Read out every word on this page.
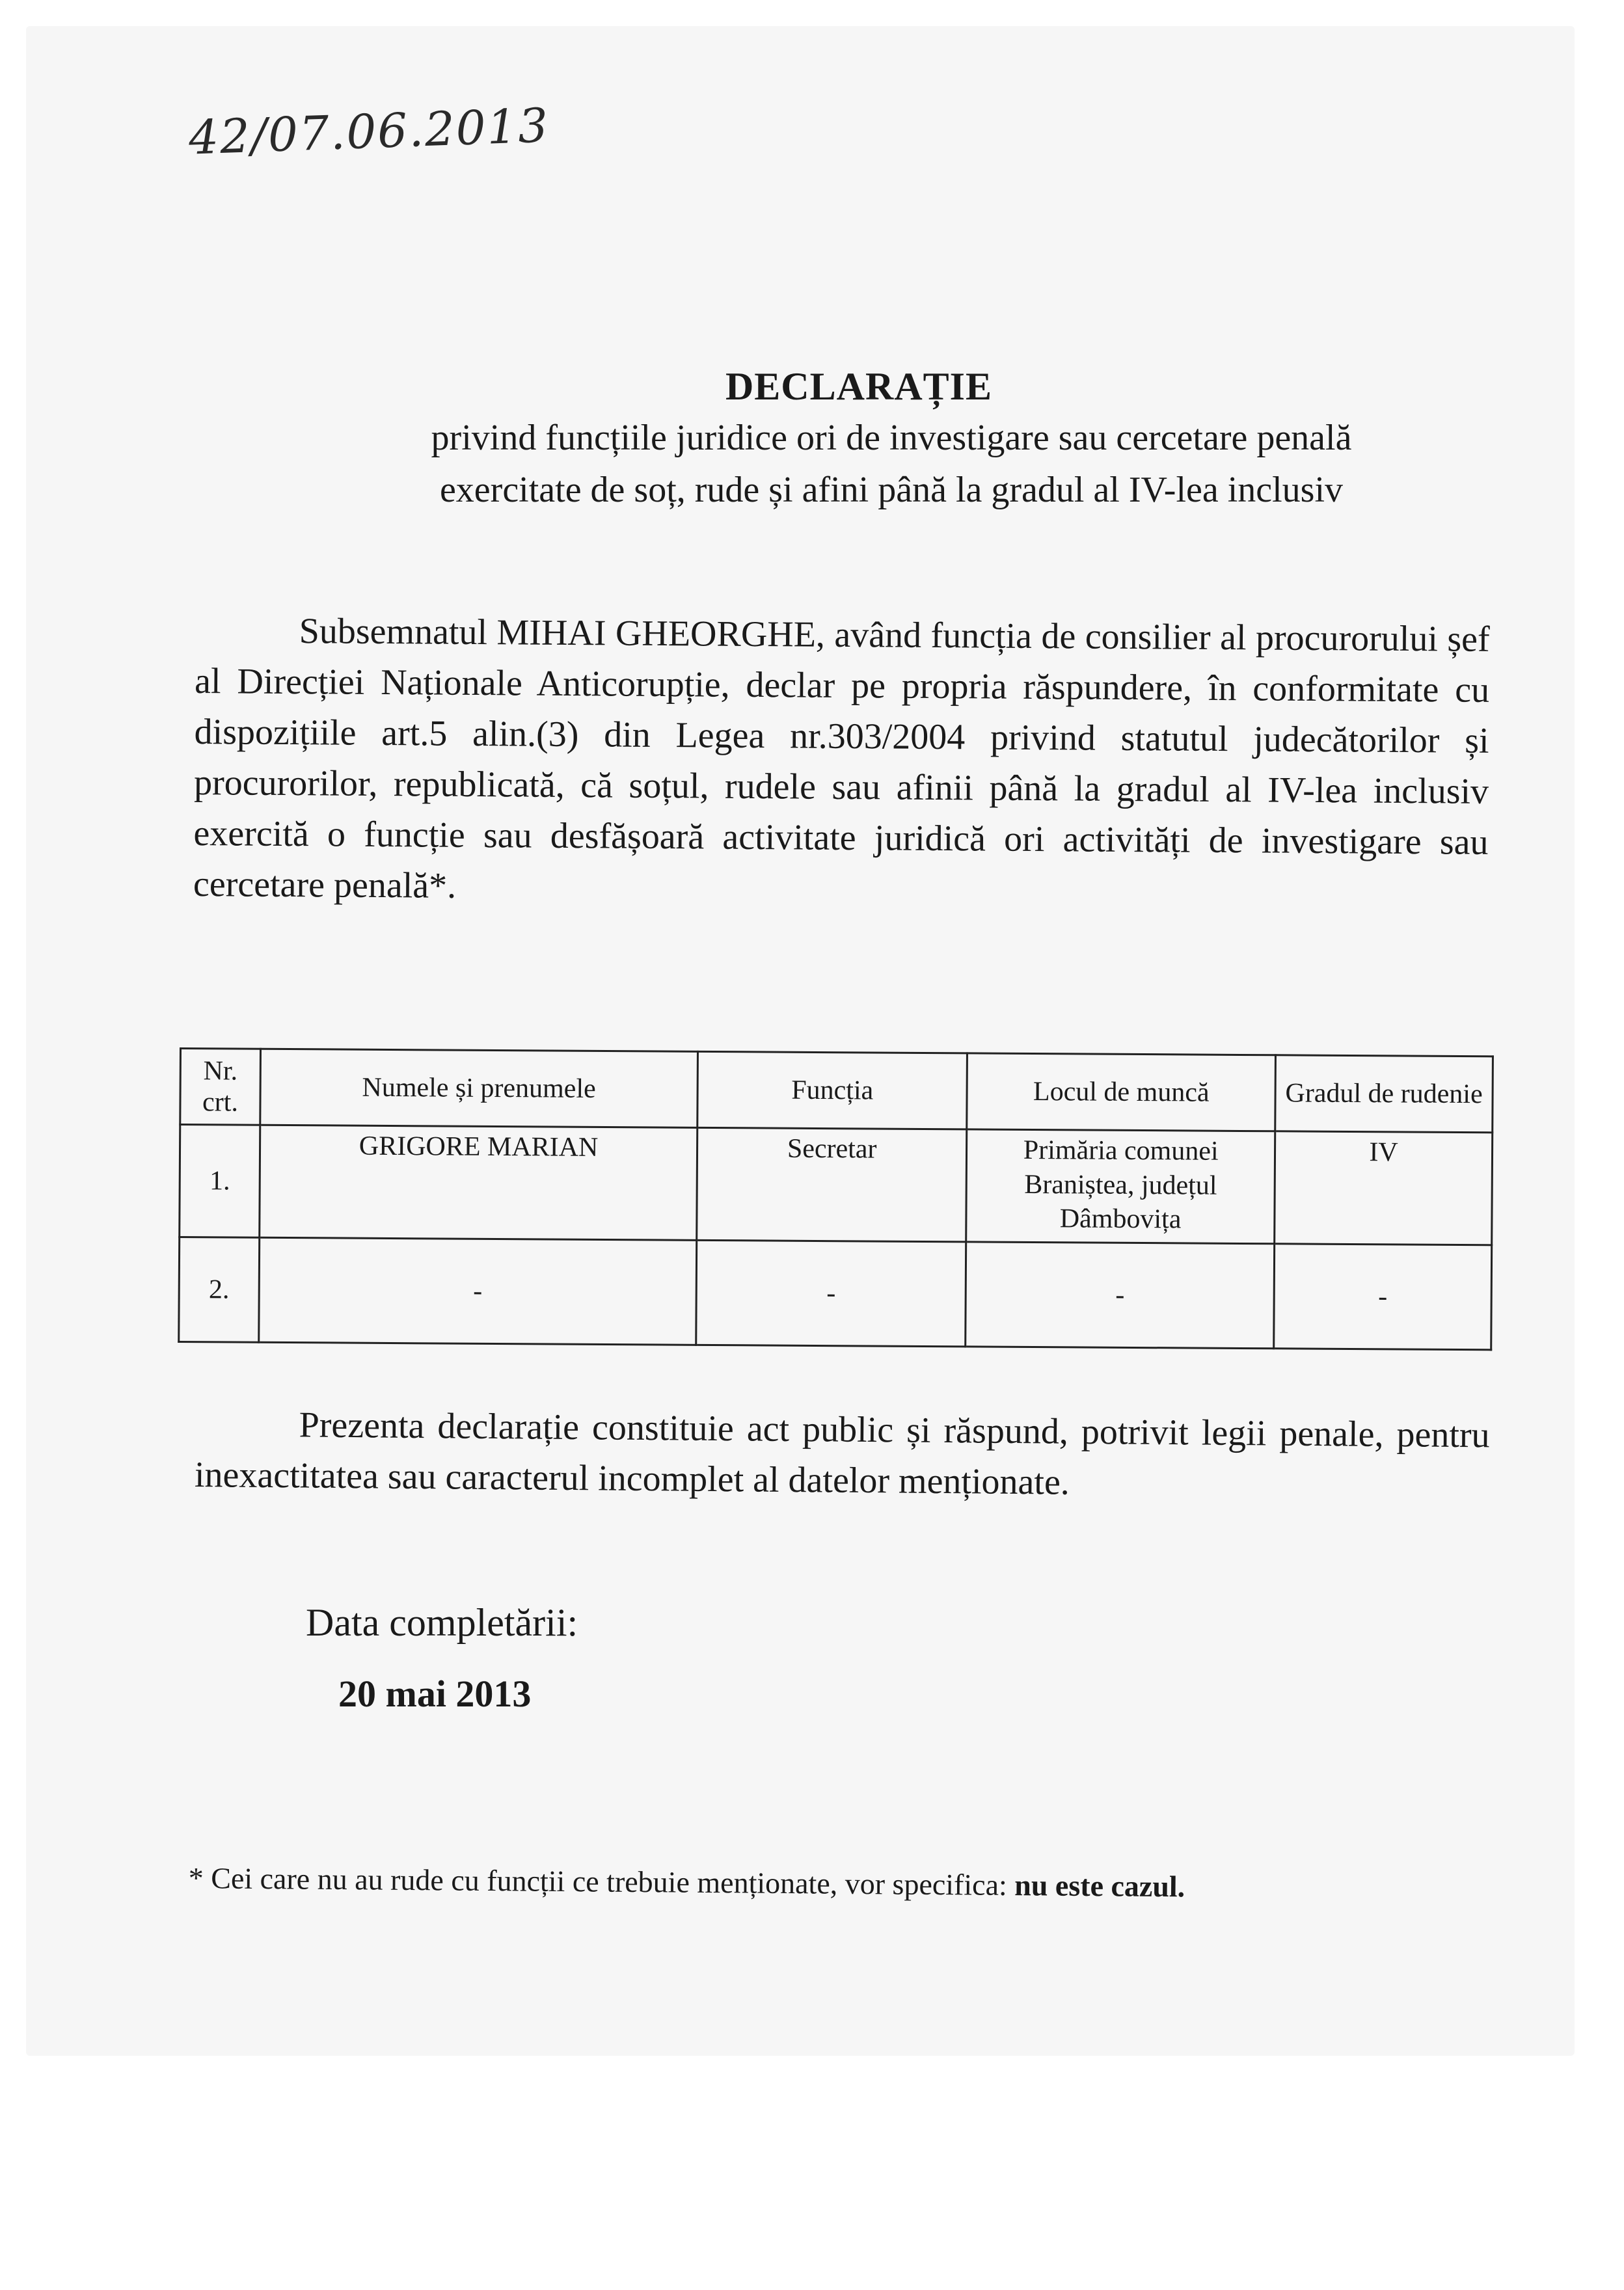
42/07.06.2013
DECLARAȚIE
privind funcțiile juridice ori de investigare sau cercetare penală
exercitate de soț, rude și afini până la gradul al IV-lea inclusiv
Subsemnatul MIHAI GHEORGHE, având funcția de consilier al procurorului șef al Direcției Naționale Anticorupție, declar pe propria răspundere, în conformitate cu dispozițiile art.5 alin.(3) din Legea nr.303/2004 privind statutul judecătorilor și procurorilor, republicată, că soțul, rudele sau afinii până la gradul al IV-lea inclusiv exercită o funcție sau desfășoară activitate juridică ori activități de investigare sau cercetare penală*.
Nr. crt.	Numele și prenumele	Funcția	Locul de muncă	Gradul de rudenie
1.	GRIGORE MARIAN	Secretar	Primăria comunei Braniștea, județul Dâmbovița	IV
2.	-	-	-	-
Prezenta declarație constituie act public și răspund, potrivit legii penale, pentru inexactitatea sau caracterul incomplet al datelor menționate.
Data completării:
20 mai 2013
* Cei care nu au rude cu funcții ce trebuie menționate, vor specifica: nu este cazul.
